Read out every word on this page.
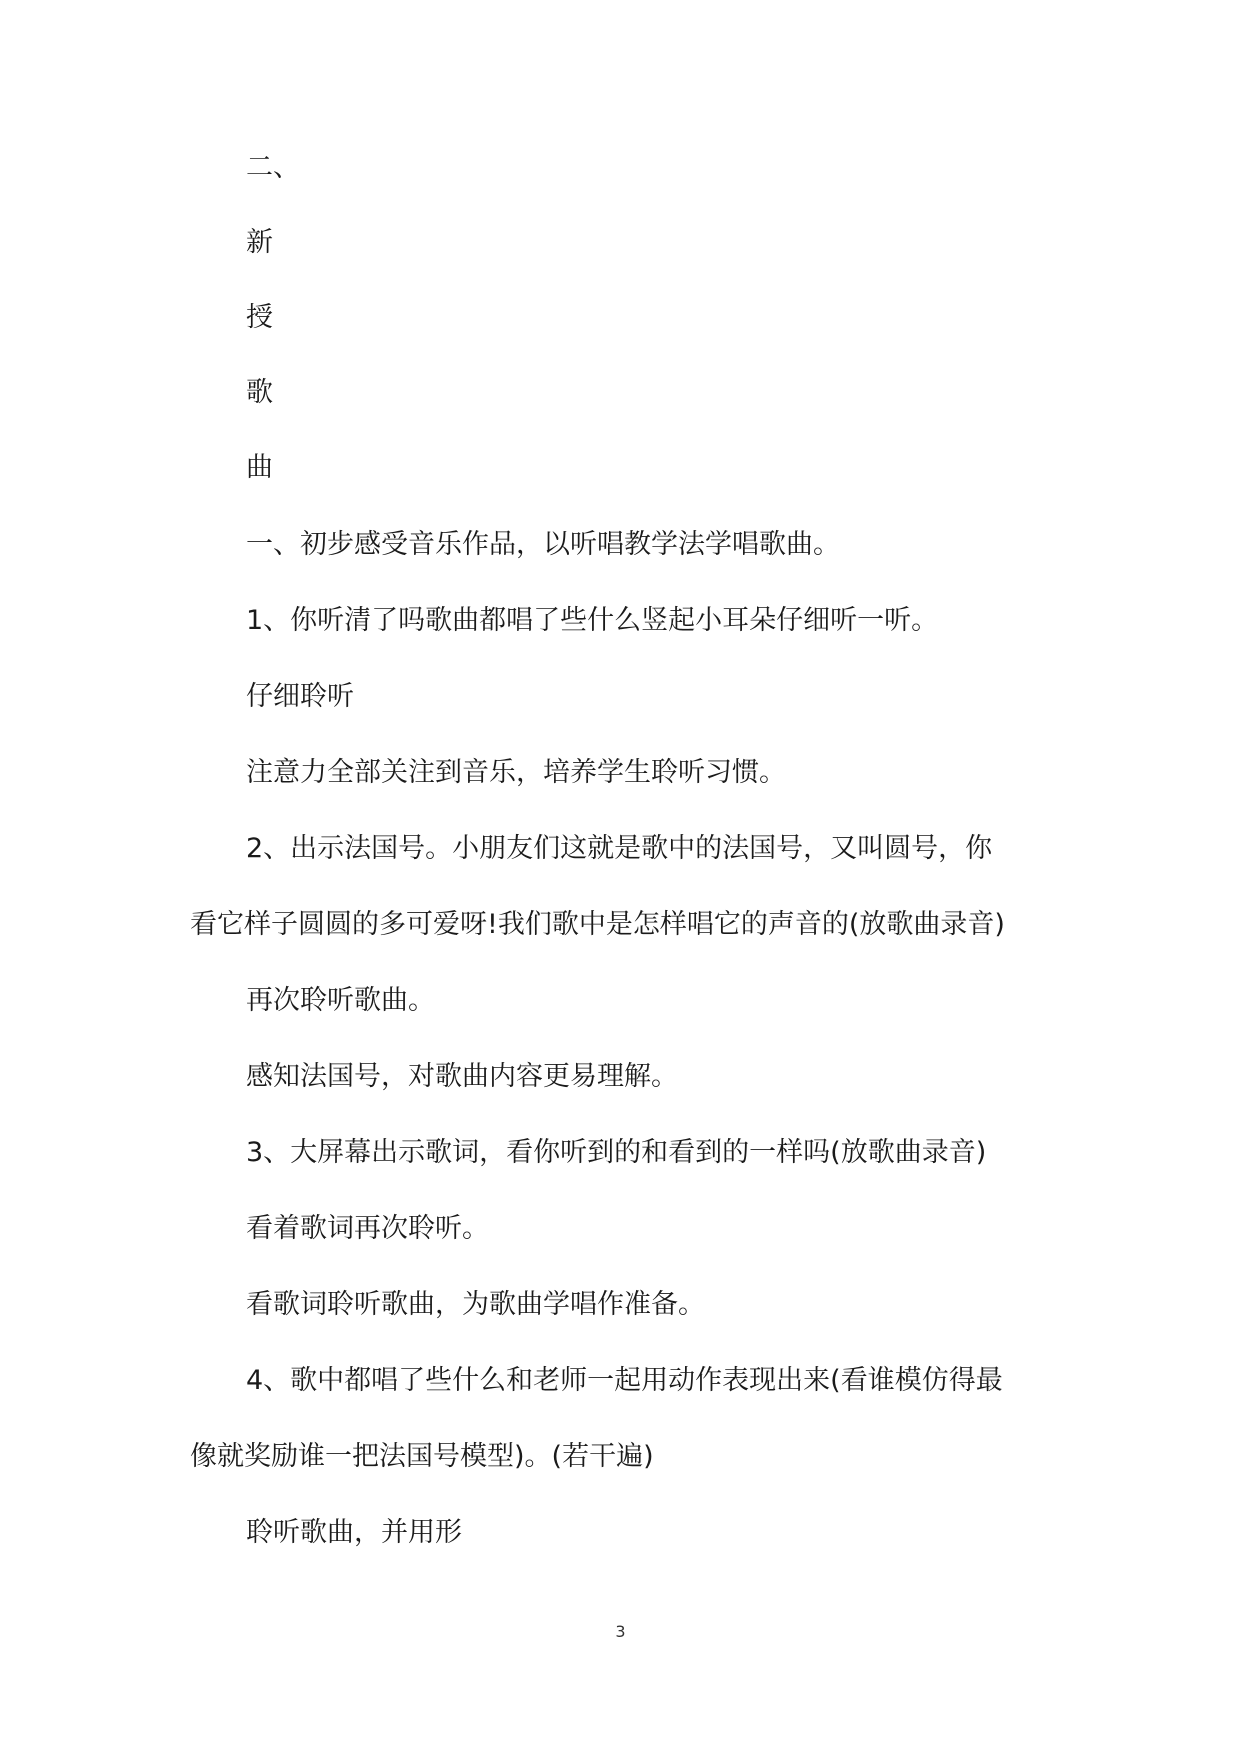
二、
新
授
歌
曲
一、初步感受音乐作品，以听唱教学法学唱歌曲。
1、你听清了吗歌曲都唱了些什么竖起小耳朵仔细听一听。
仔细聆听
注意力全部关注到音乐，培养学生聆听习惯。
2、出示法国号。小朋友们这就是歌中的法国号，又叫圆号，你
看它样子圆圆的多可爱呀!我们歌中是怎样唱它的声音的(放歌曲录音)
再次聆听歌曲。
感知法国号，对歌曲内容更易理解。
3、大屏幕出示歌词，看你听到的和看到的一样吗(放歌曲录音)
看着歌词再次聆听。
看歌词聆听歌曲，为歌曲学唱作准备。
4、歌中都唱了些什么和老师一起用动作表现出来(看谁模仿得最
像就奖励谁一把法国号模型)。(若干遍)
聆听歌曲，并用形
3
